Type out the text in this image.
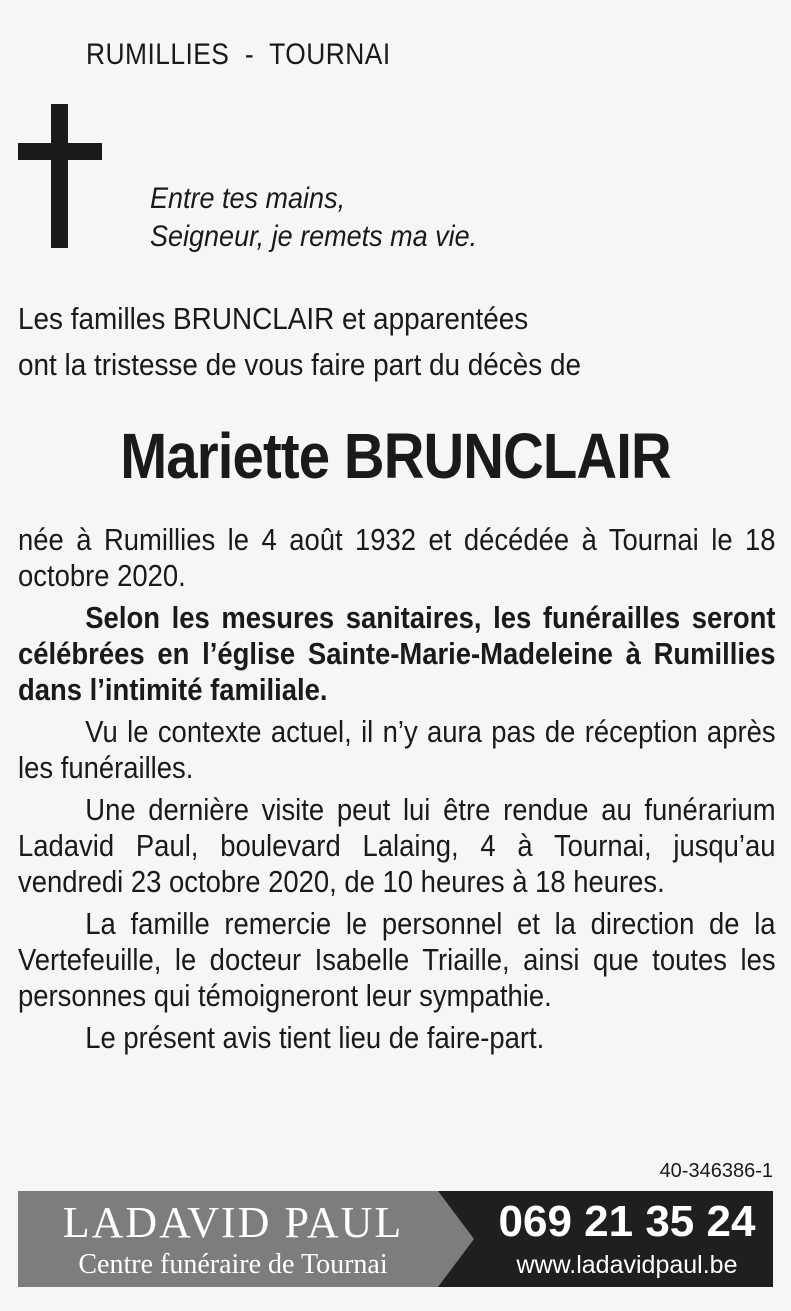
RUMILLIES  -  TOURNAI
Entre tes mains,
Seigneur, je remets ma vie.
Les familles BRUNCLAIR et apparentées
ont la tristesse de vous faire part du décès de
Mariette BRUNCLAIR

née à Rumillies le 4 août 1932 et décédée à Tournai le 18 octobre 2020.

Selon les mesures sanitaires, les funérailles seront célébrées en l’église Sainte-Marie-Madeleine à Rumillies dans l’intimité familiale.

Vu le contexte actuel, il n’y aura pas de réception après les funérailles.

Une dernière visite peut lui être rendue au funérarium Ladavid Paul, boulevard Lalaing, 4 à Tournai, jusqu’au vendredi 23 octobre 2020, de 10 heures à 18 heures.

La famille remercie le personnel et la direction de la Vertefeuille, le docteur Isabelle Triaille, ainsi que toutes les personnes qui témoigneront leur sympathie.

Le présent avis tient lieu de faire-part.

40-346386-1
LADAVID PAUL
Centre funéraire de Tournai
069 21 35 24
www.ladavidpaul.be
